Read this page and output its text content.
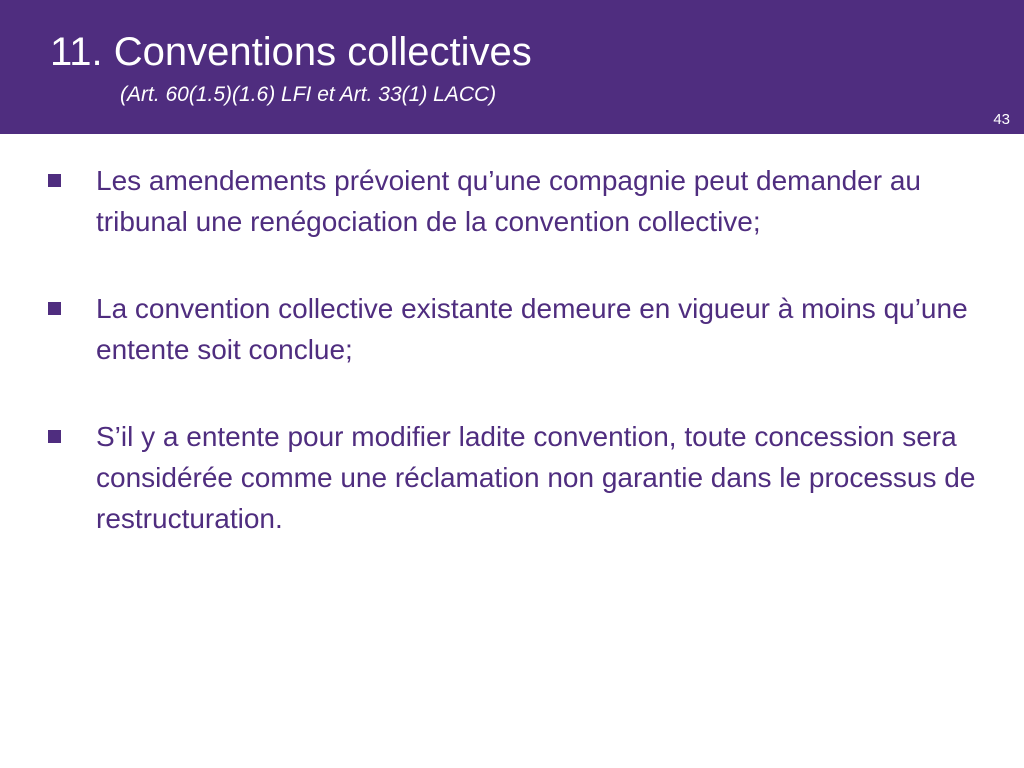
11. Conventions collectives

(Art. 60(1.5)(1.6) LFI et Art. 33(1) LACC)

43
Les amendements prévoient qu’une compagnie peut demander au tribunal une renégociation de la convention collective;
La convention collective existante demeure en vigueur à moins qu’une entente soit conclue;
S’il y a entente pour modifier ladite convention, toute concession sera considérée comme une réclamation non garantie dans le processus de restructuration.
